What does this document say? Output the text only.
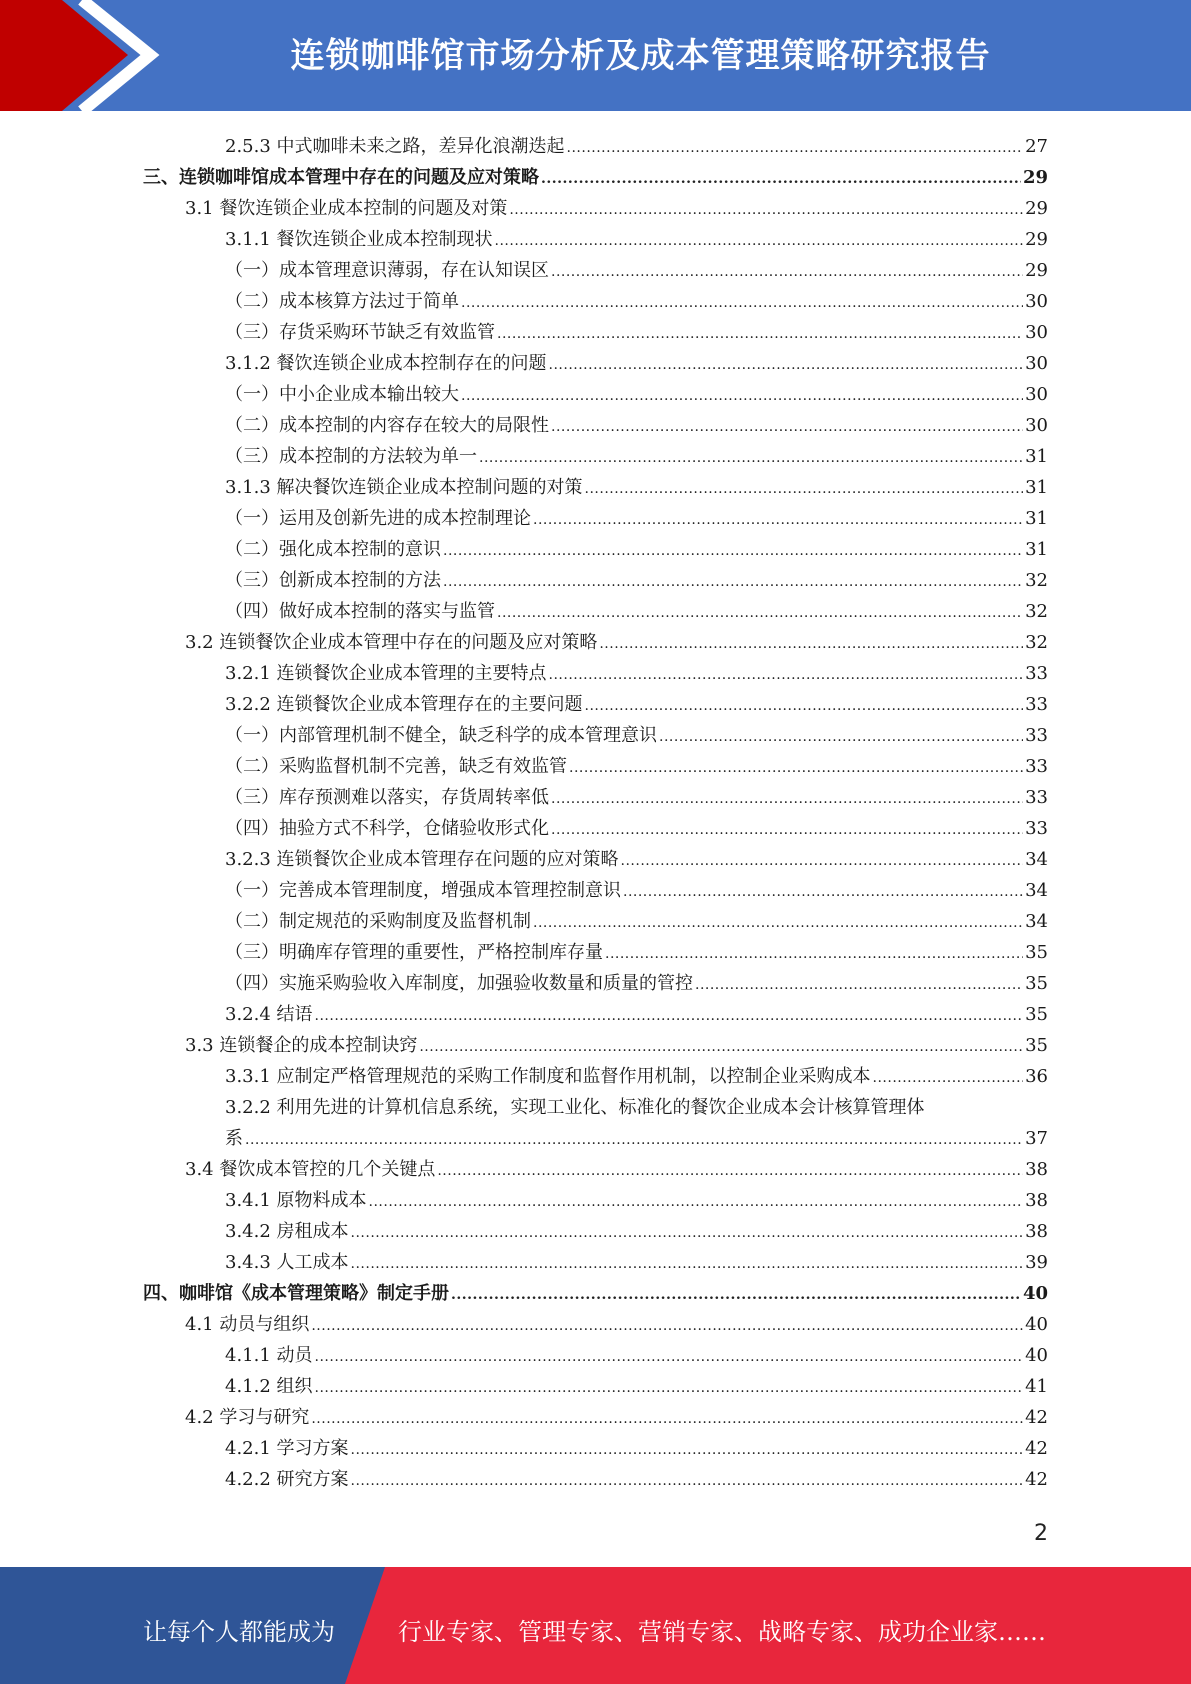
连锁咖啡馆市场分析及成本管理策略研究报告
2.5.3 中式咖啡未来之路，差异化浪潮迭起 .....	27
三、连锁咖啡馆成本管理中存在的问题及应对策略 .....	29
3.1 餐饮连锁企业成本控制的问题及对策 .....	29
3.1.1 餐饮连锁企业成本控制现状 .....	29
（一）成本管理意识薄弱，存在认知误区 .....	29
（二）成本核算方法过于简单 .....	30
（三）存货采购环节缺乏有效监管 .....	30
3.1.2 餐饮连锁企业成本控制存在的问题 .....	30
（一）中小企业成本输出较大 .....	30
（二）成本控制的内容存在较大的局限性 .....	30
（三）成本控制的方法较为单一 .....	31
3.1.3 解决餐饮连锁企业成本控制问题的对策 .....	31
（一）运用及创新先进的成本控制理论 .....	31
（二）强化成本控制的意识 .....	31
（三）创新成本控制的方法 .....	32
（四）做好成本控制的落实与监管 .....	32
3.2 连锁餐饮企业成本管理中存在的问题及应对策略 .....	32
3.2.1 连锁餐饮企业成本管理的主要特点 .....	33
3.2.2 连锁餐饮企业成本管理存在的主要问题 .....	33
（一）内部管理机制不健全，缺乏科学的成本管理意识 .....	33
（二）采购监督机制不完善，缺乏有效监管 .....	33
（三）库存预测难以落实，存货周转率低 .....	33
（四）抽验方式不科学，仓储验收形式化 .....	33
3.2.3 连锁餐饮企业成本管理存在问题的应对策略 .....	34
（一）完善成本管理制度，增强成本管理控制意识 .....	34
（二）制定规范的采购制度及监督机制 .....	34
（三）明确库存管理的重要性，严格控制库存量 .....	35
（四）实施采购验收入库制度，加强验收数量和质量的管控 .....	35
3.2.4 结语 .....	35
3.3 连锁餐企的成本控制诀窍 .....	35
3.3.1 应制定严格管理规范的采购工作制度和监督作用机制，以控制企业采购成本 .....	36
3.2.2 利用先进的计算机信息系统，实现工业化、标准化的餐饮企业成本会计核算管理体
系 .....	37
3.4 餐饮成本管控的几个关键点 .....	38
3.4.1 原物料成本 .....	38
3.4.2 房租成本 .....	38
3.4.3 人工成本 .....	39
四、咖啡馆《成本管理策略》制定手册 .....	40
4.1 动员与组织 .....	40
4.1.1 动员 .....	40
4.1.2 组织 .....	41
4.2 学习与研究 .....	42
4.2.1 学习方案 .....	42
4.2.2 研究方案 .....	42
2
让每个人都能成为	行业专家、管理专家、营销专家、战略专家、成功企业家……
